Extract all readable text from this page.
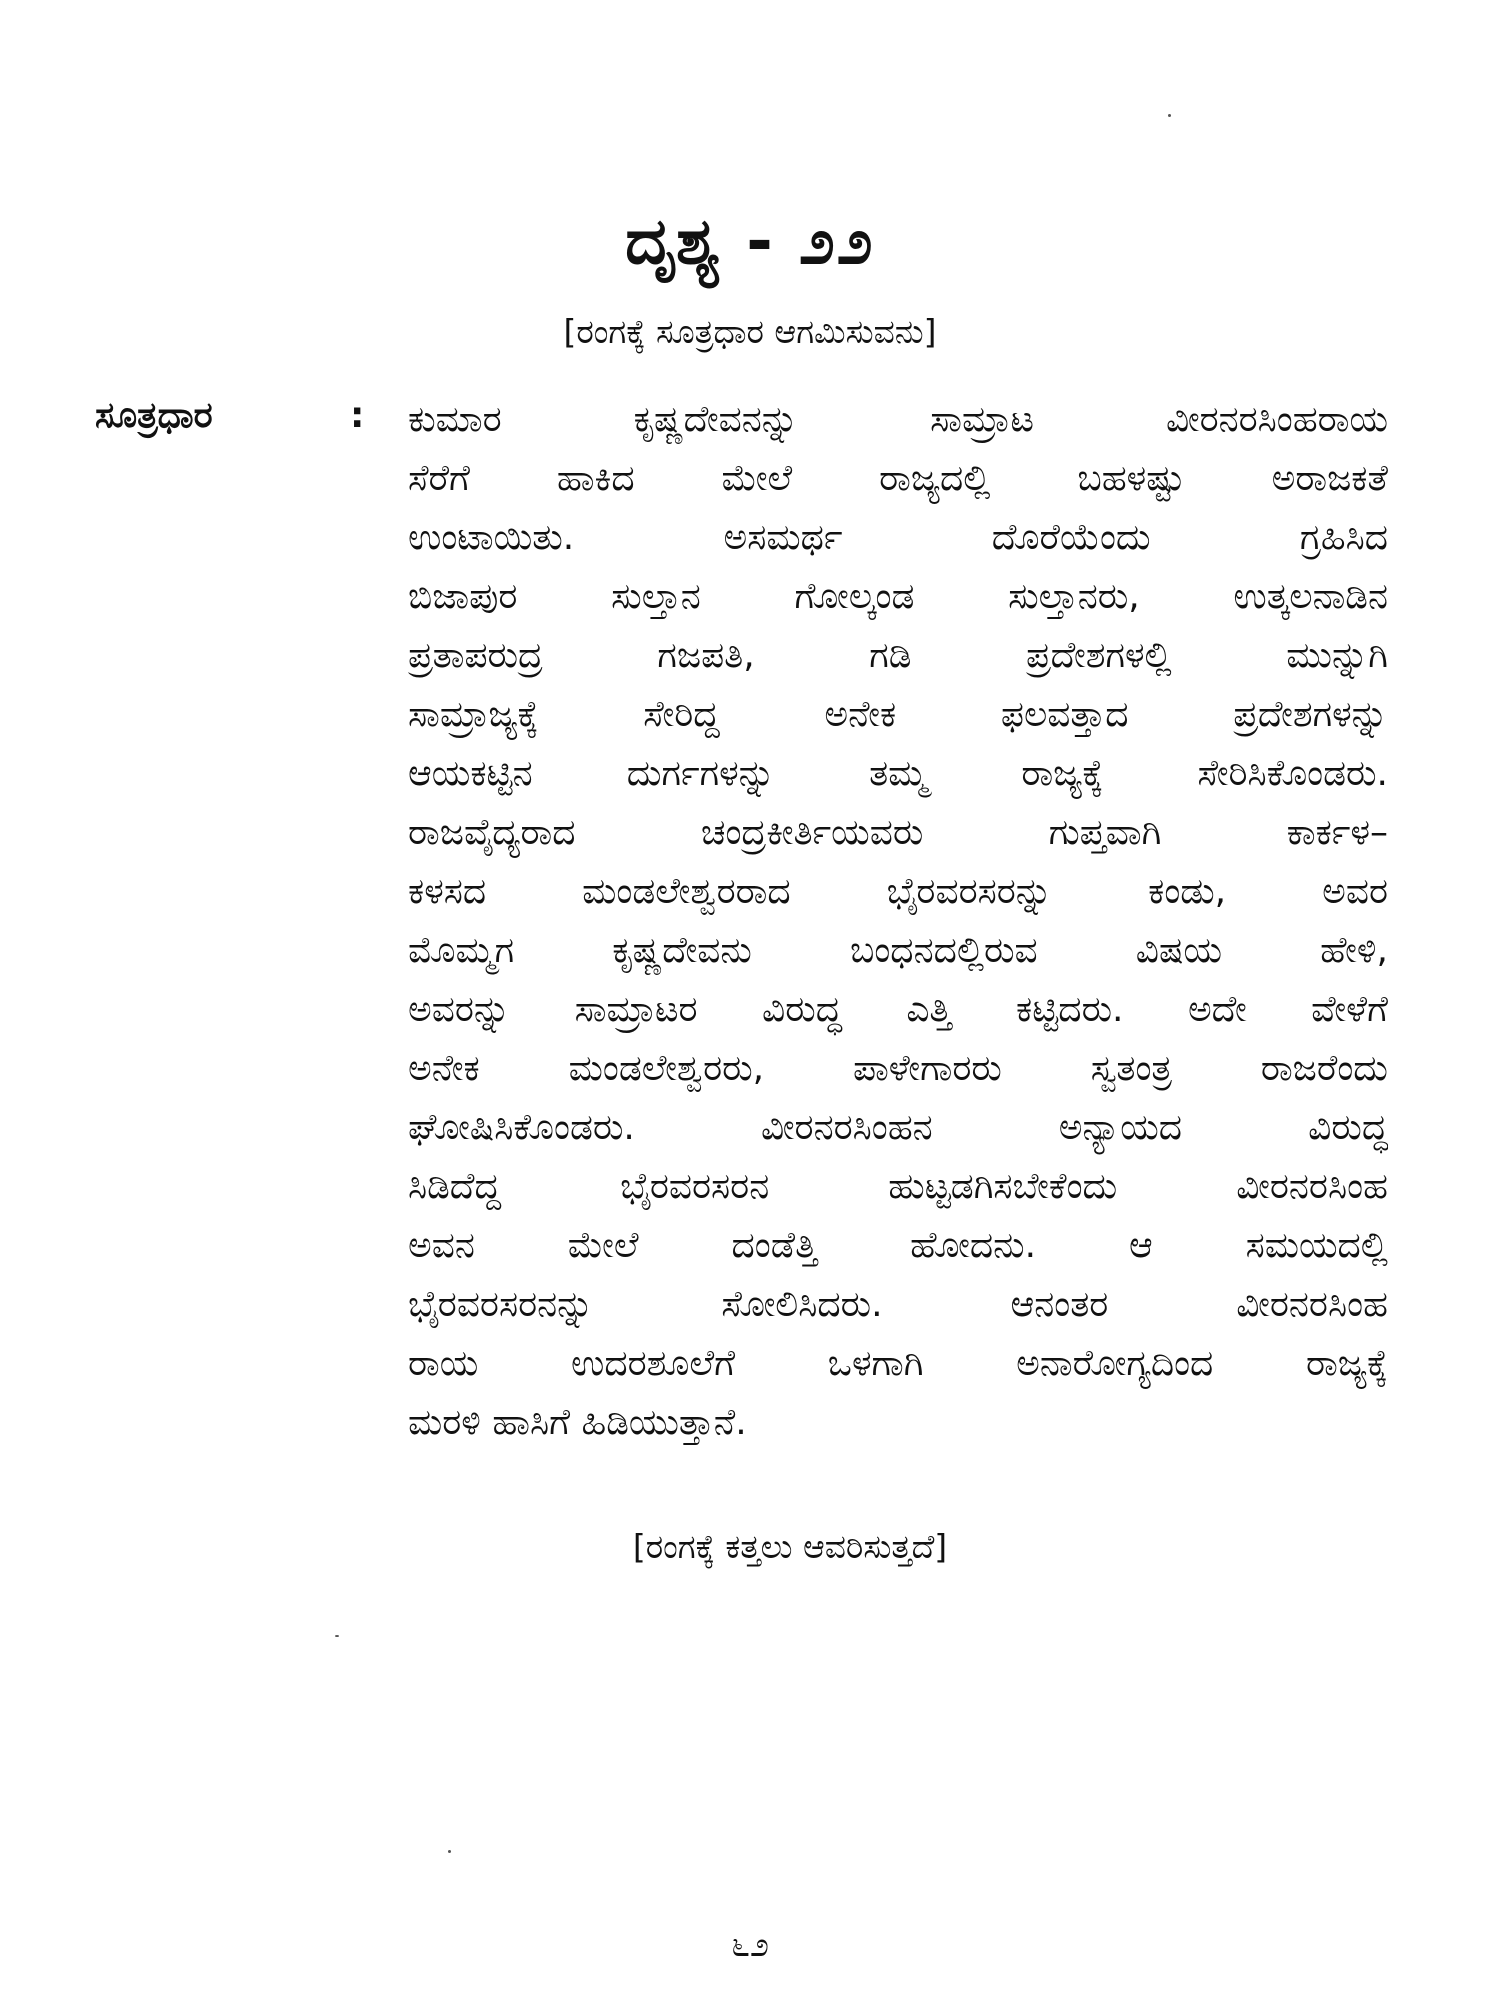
ದೃಶ್ಯ - ೨೨
[ರಂಗಕ್ಕೆ ಸೂತ್ರಧಾರ ಆಗಮಿಸುವನು]
ಸೂತ್ರಧಾರ	: ಕುಮಾರ ಕೃಷ್ಣದೇವನನ್ನು ಸಾಮ್ರಾಟ ವೀರನರಸಿಂಹರಾಯ
ಸೆರೆಗೆ ಹಾಕಿದ ಮೇಲೆ ರಾಜ್ಯದಲ್ಲಿ ಬಹಳಷ್ಟು ಅರಾಜಕತೆ
ಉಂಟಾಯಿತು. ಅಸಮರ್ಥ ದೊರೆಯೆಂದು ಗ್ರಹಿಸಿದ
ಬಿಜಾಪುರ ಸುಲ್ತಾನ ಗೋಲ್ಕಂಡ ಸುಲ್ತಾನರು, ಉತ್ಕಲನಾಡಿನ
ಪ್ರತಾಪರುದ್ರ ಗಜಪತಿ, ಗಡಿ ಪ್ರದೇಶಗಳಲ್ಲಿ ಮುನ್ನುಗಿ
ಸಾಮ್ರಾಜ್ಯಕ್ಕೆ ಸೇರಿದ್ದ ಅನೇಕ ಫಲವತ್ತಾದ ಪ್ರದೇಶಗಳನ್ನು
ಆಯಕಟ್ಟಿನ ದುರ್ಗಗಳನ್ನು ತಮ್ಮ ರಾಜ್ಯಕ್ಕೆ ಸೇರಿಸಿಕೊಂಡರು.
ರಾಜವೈದ್ಯರಾದ ಚಂದ್ರಕೀರ್ತಿಯವರು ಗುಪ್ತವಾಗಿ ಕಾರ್ಕಳ–
ಕಳಸದ ಮಂಡಲೇಶ್ವರರಾದ ಭೈರವರಸರನ್ನು ಕಂಡು, ಅವರ
ಮೊಮ್ಮಗ ಕೃಷ್ಣದೇವನು ಬಂಧನದಲ್ಲಿರುವ ವಿಷಯ ಹೇಳಿ,
ಅವರನ್ನು ಸಾಮ್ರಾಟರ ವಿರುದ್ಧ ಎತ್ತಿ ಕಟ್ಟಿದರು. ಅದೇ ವೇಳೆಗೆ
ಅನೇಕ ಮಂಡಲೇಶ್ವರರು, ಪಾಳೇಗಾರರು ಸ್ವತಂತ್ರ ರಾಜರೆಂದು
ಘೋಷಿಸಿಕೊಂಡರು. ವೀರನರಸಿಂಹನ ಅನ್ಯಾಯದ ವಿರುದ್ಧ
ಸಿಡಿದೆದ್ದ ಭೈರವರಸರನ ಹುಟ್ಟಡಗಿಸಬೇಕೆಂದು ವೀರನರಸಿಂಹ
ಅವನ ಮೇಲೆ ದಂಡೆತ್ತಿ ಹೋದನು. ಆ ಸಮಯದಲ್ಲಿ
ಭೈರವರಸರನನ್ನು ಸೋಲಿಸಿದರು. ಆನಂತರ ವೀರನರಸಿಂಹ
ರಾಯ ಉದರಶೂಲೆಗೆ ಒಳಗಾಗಿ ಅನಾರೋಗ್ಯದಿಂದ ರಾಜ್ಯಕ್ಕೆ
ಮರಳಿ ಹಾಸಿಗೆ ಹಿಡಿಯುತ್ತಾನೆ.
[ರಂಗಕ್ಕೆ ಕತ್ತಲು ಆವರಿಸುತ್ತದೆ]
೬೨
